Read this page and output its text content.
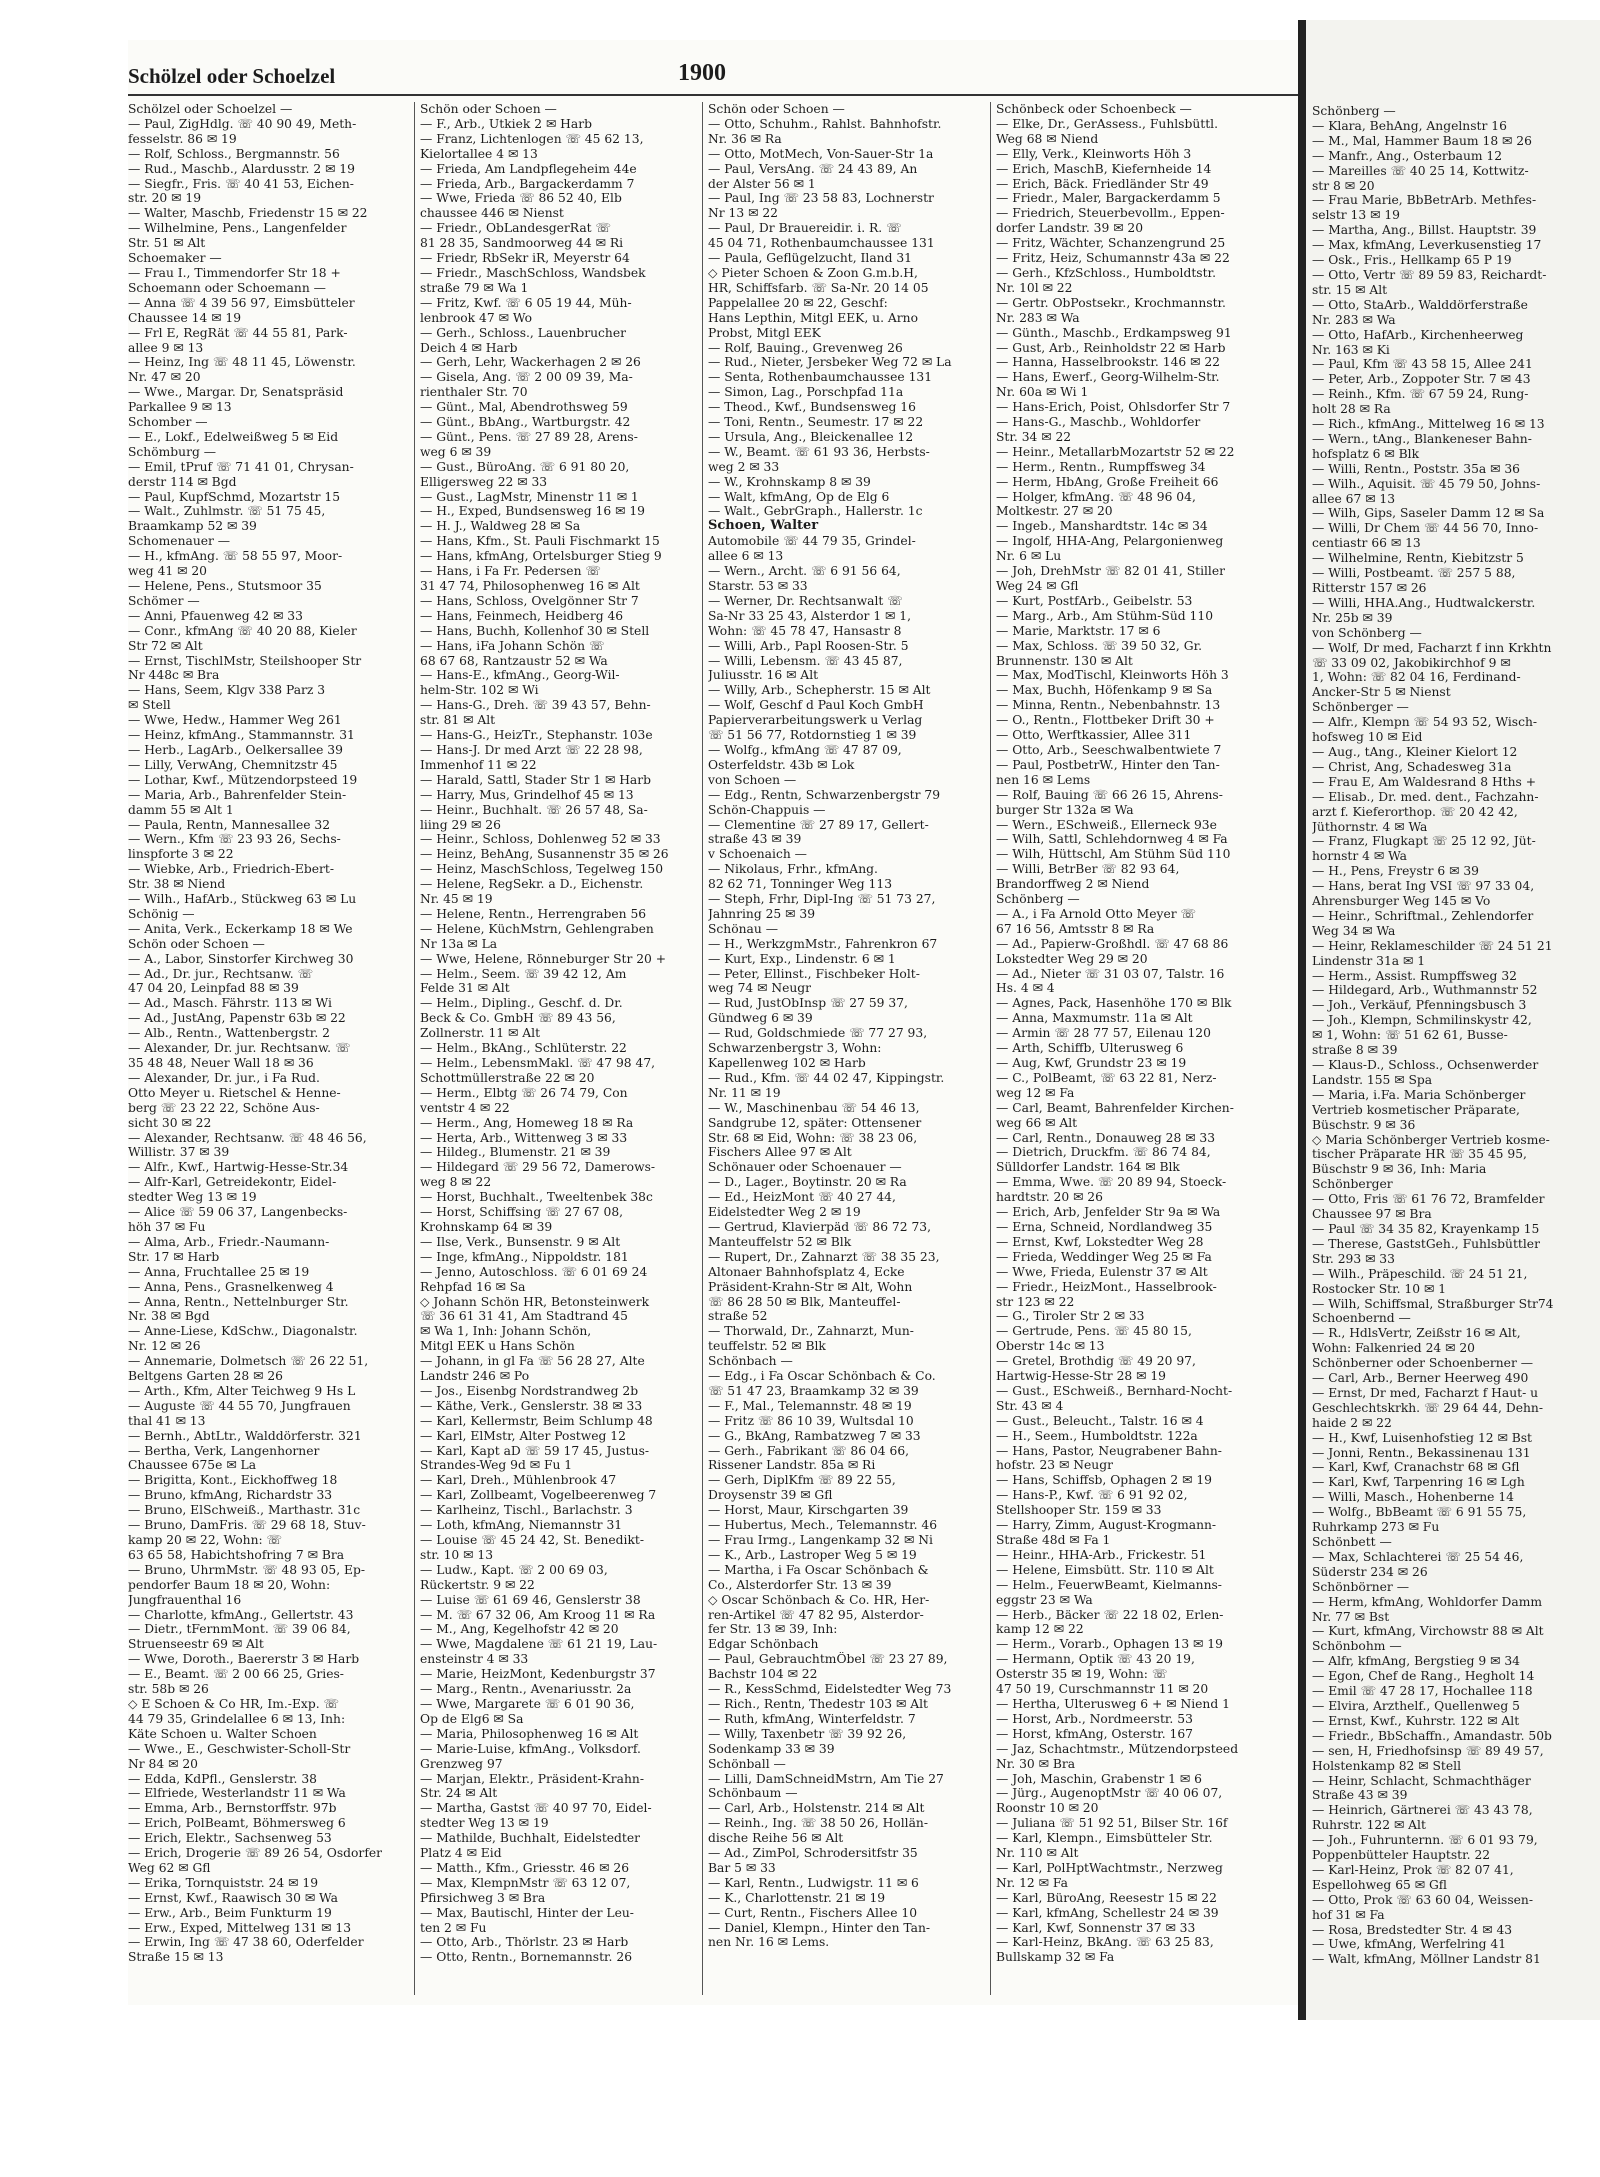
Schölzel oder Schoelzel	1900
Schölzel oder Schoelzel —
— Paul, ZigHdlg. ☏ 40 90 49, Meth-
fesselstr. 86 ✉ 19
— Rolf, Schloss., Bergmannstr. 56
— Rud., Maschb., Alardusstr. 2 ✉ 19
— Siegfr., Fris. ☏ 40 41 53, Eichen-
str. 20 ✉ 19
— Walter, Maschb, Friedenstr 15 ✉ 22
— Wilhelmine, Pens., Langenfelder
Str. 51 ✉ Alt
Schoemaker —
— Frau I., Timmendorfer Str 18 +
Schoemann oder Schoemann —
— Anna ☏ 4 39 56 97, Eimsbütteler
Chaussee 14 ✉ 19
— Frl E, RegRät ☏ 44 55 81, Park-
allee 9 ✉ 13
— Heinz, Ing ☏ 48 11 45, Löwenstr.
Nr. 47 ✉ 20
— Wwe., Margar. Dr, Senatspräsid
Parkallee 9 ✉ 13
Schomber —
— E., Lokf., Edelweißweg 5 ✉ Eid
Schömburg —
— Emil, tPruf ☏ 71 41 01, Chrysan-
derstr 114 ✉ Bgd
— Paul, KupfSchmd, Mozartstr 15
— Walt., Zuhlmstr. ☏ 51 75 45,
Braamkamp 52 ✉ 39
Schomenauer —
— H., kfmAng. ☏ 58 55 97, Moor-
weg 41 ✉ 20
— Helene, Pens., Stutsmoor 35
Schömer —
— Anni, Pfauenweg 42 ✉ 33
— Conr., kfmAng ☏ 40 20 88, Kieler
Str 72 ✉ Alt
— Ernst, TischlMstr, Steilshooper Str
Nr 448c ✉ Bra
— Hans, Seem, Klgv 338 Parz 3
✉ Stell
— Wwe, Hedw., Hammer Weg 261
— Heinz, kfmAng., Stammannstr. 31
— Herb., LagArb., Oelkersallee 39
— Lilly, VerwAng, Chemnitzstr 45
— Lothar, Kwf., Mützendorpsteed 19
— Maria, Arb., Bahrenfelder Stein-
damm 55 ✉ Alt 1
— Paula, Rentn, Mannesallee 32
— Wern., Kfm ☏ 23 93 26, Sechs-
linspforte 3 ✉ 22
— Wiebke, Arb., Friedrich-Ebert-
Str. 38 ✉ Niend
— Wilh., HafArb., Stückweg 63 ✉ Lu
Schönig —
— Anita, Verk., Eckerkamp 18 ✉ We
Schön oder Schoen —
— A., Labor, Sinstorfer Kirchweg 30
— Ad., Dr. jur., Rechtsanw. ☏
47 04 20, Leinpfad 88 ✉ 39
— Ad., Masch. Fährstr. 113 ✉ Wi
— Ad., JustAng, Papenstr 63b ✉ 22
— Alb., Rentn., Wattenbergstr. 2
— Alexander, Dr. jur. Rechtsanw. ☏
35 48 48, Neuer Wall 18 ✉ 36
— Alexander, Dr. jur., i Fa Rud.
Otto Meyer u. Rietschel & Henne-
berg ☏ 23 22 22, Schöne Aus-
sicht 30 ✉ 22
— Alexander, Rechtsanw. ☏ 48 46 56,
Willistr. 37 ✉ 39
— Alfr., Kwf., Hartwig-Hesse-Str.34
— Alfr-Karl, Getreidekontr, Eidel-
stedter Weg 13 ✉ 19
— Alice ☏ 59 06 37, Langenbecks-
höh 37 ✉ Fu
— Alma, Arb., Friedr.-Naumann-
Str. 17 ✉ Harb
— Anna, Fruchtallee 25 ✉ 19
— Anna, Pens., Grasnelkenweg 4
— Anna, Rentn., Nettelnburger Str.
Nr. 38 ✉ Bgd
— Anne-Liese, KdSchw., Diagonalstr.
Nr. 12 ✉ 26
— Annemarie, Dolmetsch ☏ 26 22 51,
Beltgens Garten 28 ✉ 26
— Arth., Kfm, Alter Teichweg 9 Hs L
— Auguste ☏ 44 55 70, Jungfrauen
thal 41 ✉ 13
— Bernh., AbtLtr., Walddörferstr. 321
— Bertha, Verk, Langenhorner
Chaussee 675e ✉ La
— Brigitta, Kont., Eickhoffweg 18
— Bruno, kfmAng, Richardstr 33
— Bruno, ElSchweiß., Marthastr. 31c
— Bruno, DamFris. ☏ 29 68 18, Stuv-
kamp 20 ✉ 22, Wohn: ☏
63 65 58, Habichtshofring 7 ✉ Bra
— Bruno, UhrmMstr. ☏ 48 93 05, Ep-
pendorfer Baum 18 ✉ 20, Wohn:
Jungfrauenthal 16
— Charlotte, kfmAng., Gellertstr. 43
— Dietr., tFernmMont. ☏ 39 06 84,
Struenseestr 69 ✉ Alt
— Wwe, Doroth., Baererstr 3 ✉ Harb
— E., Beamt. ☏ 2 00 66 25, Gries-
str. 58b ✉ 26
◇ E Schoen & Co HR, Im.-Exp. ☏
44 79 35, Grindelallee 6 ✉ 13, Inh:
Käte Schoen u. Walter Schoen
— Wwe., E., Geschwister-Scholl-Str
Nr 84 ✉ 20
— Edda, KdPfl., Genslerstr. 38
— Elfriede, Westerlandstr 11 ✉ Wa
— Emma, Arb., Bernstorffstr. 97b
— Erich, PolBeamt, Böhmersweg 6
— Erich, Elektr., Sachsenweg 53
— Erich, Drogerie ☏ 89 26 54, Osdorfer
Weg 62 ✉ Gfl
— Erika, Tornquiststr. 24 ✉ 19
— Ernst, Kwf., Raawisch 30 ✉ Wa
— Erw., Arb., Beim Funkturm 19
— Erw., Exped, Mittelweg 131 ✉ 13
— Erwin, Ing ☏ 47 38 60, Oderfelder
Straße 15 ✉ 13
Schön oder Schoen —
— F., Arb., Utkiek 2 ✉ Harb
— Franz, Lichtenlogen ☏ 45 62 13,
Kielortallee 4 ✉ 13
— Frieda, Am Landpflegeheim 44e
— Frieda, Arb., Bargackerdamm 7
— Wwe, Frieda ☏ 86 52 40, Elb
chaussee 446 ✉ Nienst
— Friedr., ObLandesgerRat ☏
81 28 35, Sandmoorweg 44 ✉ Ri
— Friedr, RbSekr iR, Meyerstr 64
— Friedr., MaschSchloss, Wandsbek
straße 79 ✉ Wa 1
— Fritz, Kwf. ☏ 6 05 19 44, Müh-
lenbrook 47 ✉ Wo
— Gerh., Schloss., Lauenbrucher
Deich 4 ✉ Harb
— Gerh, Lehr, Wackerhagen 2 ✉ 26
— Gisela, Ang. ☏ 2 00 09 39, Ma-
rienthaler Str. 70
— Günt., Mal, Abendrothsweg 59
— Günt., BbAng., Wartburgstr. 42
— Günt., Pens. ☏ 27 89 28, Arens-
weg 6 ✉ 39
— Gust., BüroAng. ☏ 6 91 80 20,
Elligersweg 22 ✉ 33
— Gust., LagMstr, Minenstr 11 ✉ 1
— H., Exped, Bundsensweg 16 ✉ 19
— H. J., Waldweg 28 ✉ Sa
— Hans, Kfm., St. Pauli Fischmarkt 15
— Hans, kfmAng, Ortelsburger Stieg 9
— Hans, i Fa Fr. Pedersen ☏
31 47 74, Philosophenweg 16 ✉ Alt
— Hans, Schloss, Ovelgönner Str 7
— Hans, Feinmech, Heidberg 46
— Hans, Buchh, Kollenhof 30 ✉ Stell
— Hans, iFa Johann Schön ☏
68 67 68, Rantzaustr 52 ✉ Wa
— Hans-E., kfmAng., Georg-Wil-
helm-Str. 102 ✉ Wi
— Hans-G., Dreh. ☏ 39 43 57, Behn-
str. 81 ✉ Alt
— Hans-G., HeizTr., Stephanstr. 103e
— Hans-J. Dr med Arzt ☏ 22 28 98,
Immenhof 11 ✉ 22
— Harald, Sattl, Stader Str 1 ✉ Harb
— Harry, Mus, Grindelhof 45 ✉ 13
— Heinr., Buchhalt. ☏ 26 57 48, Sa-
liing 29 ✉ 26
— Heinr., Schloss, Dohlenweg 52 ✉ 33
— Heinz, BehAng, Susannenstr 35 ✉ 26
— Heinz, MaschSchloss, Tegelweg 150
— Helene, RegSekr. a D., Eichenstr.
Nr. 45 ✉ 19
— Helene, Rentn., Herrengraben 56
— Helene, KüchMstrn, Gehlengraben
Nr 13a ✉ La
— Wwe, Helene, Rönneburger Str 20 +
— Helm., Seem. ☏ 39 42 12, Am
Felde 31 ✉ Alt
— Helm., Dipling., Geschf. d. Dr.
Beck & Co. GmbH ☏ 89 43 56,
Zollnerstr. 11 ✉ Alt
— Helm., BkAng., Schlüterstr. 22
— Helm., LebensmMakl. ☏ 47 98 47,
Schottmüllerstraße 22 ✉ 20
— Herm., Elbtg ☏ 26 74 79, Con
ventstr 4 ✉ 22
— Herm., Ang, Homeweg 18 ✉ Ra
— Herta, Arb., Wittenweg 3 ✉ 33
— Hildeg., Blumenstr. 21 ✉ 39
— Hildegard ☏ 29 56 72, Damerows-
weg 8 ✉ 22
— Horst, Buchhalt., Tweeltenbek 38c
— Horst, Schiffsing ☏ 27 67 08,
Krohnskamp 64 ✉ 39
— Ilse, Verk., Bunsenstr. 9 ✉ Alt
— Inge, kfmAng., Nippoldstr. 181
— Jenno, Autoschloss. ☏ 6 01 69 24
Rehpfad 16 ✉ Sa
◇ Johann Schön HR, Betonsteinwerk
☏ 36 61 31 41, Am Stadtrand 45
✉ Wa 1, Inh: Johann Schön,
Mitgl EEK u Hans Schön
— Johann, in gl Fa ☏ 56 28 27, Alte
Landstr 246 ✉ Po
— Jos., Eisenbg Nordstrandweg 2b
— Käthe, Verk., Genslerstr. 38 ✉ 33
— Karl, Kellermstr, Beim Schlump 48
— Karl, ElMstr, Alter Postweg 12
— Karl, Kapt aD ☏ 59 17 45, Justus-
Strandes-Weg 9d ✉ Fu 1
— Karl, Dreh., Mühlenbrook 47
— Karl, Zollbeamt, Vogelbeerenweg 7
— Karlheinz, Tischl., Barlachstr. 3
— Loth, kfmAng, Niemannstr 31
— Louise ☏ 45 24 42, St. Benedikt-
str. 10 ✉ 13
— Ludw., Kapt. ☏ 2 00 69 03,
Rückertstr. 9 ✉ 22
— Luise ☏ 61 69 46, Genslerstr 38
— M. ☏ 67 32 06, Am Kroog 11 ✉ Ra
— M., Ang, Kegelhofstr 42 ✉ 20
— Wwe, Magdalene ☏ 61 21 19, Lau-
ensteinstr 4 ✉ 33
— Marie, HeizMont, Kedenburgstr 37
— Marg., Rentn., Avenariusstr. 2a
— Wwe, Margarete ☏ 6 01 90 36,
Op de Elg6 ✉ Sa
— Maria, Philosophenweg 16 ✉ Alt
— Marie-Luise, kfmAng., Volksdorf.
Grenzweg 97
— Marjan, Elektr., Präsident-Krahn-
Str. 24 ✉ Alt
— Martha, Gastst ☏ 40 97 70, Eidel-
stedter Weg 13 ✉ 19
— Mathilde, Buchhalt, Eidelstedter
Platz 4 ✉ Eid
— Matth., Kfm., Griesstr. 46 ✉ 26
— Max, KlempnMstr ☏ 63 12 07,
Pfirsichweg 3 ✉ Bra
— Max, Bautischl, Hinter der Leu-
ten 2 ✉ Fu
— Otto, Arb., Thörlstr. 23 ✉ Harb
— Otto, Rentn., Bornemannstr. 26
Schön oder Schoen —
— Otto, Schuhm., Rahlst. Bahnhofstr.
Nr. 36 ✉ Ra
— Otto, MotMech, Von-Sauer-Str 1a
— Paul, VersAng. ☏ 24 43 89, An
der Alster 56 ✉ 1
— Paul, Ing ☏ 23 58 83, Lochnerstr
Nr 13 ✉ 22
— Paul, Dr Brauereidir. i. R. ☏
45 04 71, Rothenbaumchaussee 131
— Paula, Geflügelzucht, Iland 31
◇ Pieter Schoen & Zoon G.m.b.H,
HR, Schiffsfarb. ☏ Sa-Nr. 20 14 05
Pappelallee 20 ✉ 22, Geschf:
Hans Lepthin, Mitgl EEK, u. Arno
Probst, Mitgl EEK
— Rolf, Bauing., Grevenweg 26
— Rud., Nieter, Jersbeker Weg 72 ✉ La
— Senta, Rothenbaumchaussee 131
— Simon, Lag., Porschpfad 11a
— Theod., Kwf., Bundsensweg 16
— Toni, Rentn., Seumestr. 17 ✉ 22
— Ursula, Ang., Bleickenallee 12
— W., Beamt. ☏ 61 93 36, Herbsts-
weg 2 ✉ 33
— W., Krohnskamp 8 ✉ 39
— Walt, kfmAng, Op de Elg 6
— Walt., GebrGraph., Hallerstr. 1c
Schoen, Walter
Automobile ☏ 44 79 35, Grindel-
allee 6 ✉ 13
— Wern., Archt. ☏ 6 91 56 64,
Starstr. 53 ✉ 33
— Werner, Dr. Rechtsanwalt ☏
Sa-Nr 33 25 43, Alsterdor 1 ✉ 1,
Wohn: ☏ 45 78 47, Hansastr 8
— Willi, Arb., Papl Roosen-Str. 5
— Willi, Lebensm. ☏ 43 45 87,
Juliusstr. 16 ✉ Alt
— Willy, Arb., Schepherstr. 15 ✉ Alt
— Wolf, Geschf d Paul Koch GmbH
Papierverarbeitungswerk u Verlag
☏ 51 56 77, Rotdornstieg 1 ✉ 39
— Wolfg., kfmAng ☏ 47 87 09,
Osterfeldstr. 43b ✉ Lok
von Schoen —
— Edg., Rentn, Schwarzenbergstr 79
Schön-Chappuis —
— Clementine ☏ 27 89 17, Gellert-
straße 43 ✉ 39
v Schoenaich —
— Nikolaus, Frhr., kfmAng.
82 62 71, Tonninger Weg 113
— Steph, Frhr, Dipl-Ing ☏ 51 73 27,
Jahnring 25 ✉ 39
Schönau —
— H., WerkzgmMstr., Fahrenkron 67
— Kurt, Exp., Lindenstr. 6 ✉ 1
— Peter, Ellinst., Fischbeker Holt-
weg 74 ✉ Neugr
— Rud, JustObInsp ☏ 27 59 37,
Gündweg 6 ✉ 39
— Rud, Goldschmiede ☏ 77 27 93,
Schwarzenbergstr 3, Wohn:
Kapellenweg 102 ✉ Harb
— Rud., Kfm. ☏ 44 02 47, Kippingstr.
Nr. 11 ✉ 19
— W., Maschinenbau ☏ 54 46 13,
Sandgrube 12, später: Ottensener
Str. 68 ✉ Eid, Wohn: ☏ 38 23 06,
Fischers Allee 97 ✉ Alt
Schönauer oder Schoenauer —
— D., Lager., Boytinstr. 20 ✉ Ra
— Ed., HeizMont ☏ 40 27 44,
Eidelstedter Weg 2 ✉ 19
— Gertrud, Klavierpäd ☏ 86 72 73,
Manteuffelstr 52 ✉ Blk
— Rupert, Dr., Zahnarzt ☏ 38 35 23,
Altonaer Bahnhofsplatz 4, Ecke
Präsident-Krahn-Str ✉ Alt, Wohn
☏ 86 28 50 ✉ Blk, Manteuffel-
straße 52
— Thorwald, Dr., Zahnarzt, Mun-
teuffelstr. 52 ✉ Blk
Schönbach —
— Edg., i Fa Oscar Schönbach & Co.
☏ 51 47 23, Braamkamp 32 ✉ 39
— F., Mal., Telemannstr. 48 ✉ 19
— Fritz ☏ 86 10 39, Wultsdal 10
— G., BkAng, Rambatzweg 7 ✉ 33
— Gerh., Fabrikant ☏ 86 04 66,
Rissener Landstr. 85a ✉ Ri
— Gerh, DiplKfm ☏ 89 22 55,
Droysenstr 39 ✉ Gfl
— Horst, Maur, Kirschgarten 39
— Hubertus, Mech., Telemannstr. 46
— Frau Irmg., Langenkamp 32 ✉ Ni
— K., Arb., Lastroper Weg 5 ✉ 19
— Martha, i Fa Oscar Schönbach &
Co., Alsterdorfer Str. 13 ✉ 39
◇ Oscar Schönbach & Co. HR, Her-
ren-Artikel ☏ 47 82 95, Alsterdor-
fer Str. 13 ✉ 39, Inh:
Edgar Schönbach
— Paul, GebrauchtmÖbel ☏ 23 27 89,
Bachstr 104 ✉ 22
— R., KessSchmd, Eidelstedter Weg 73
— Rich., Rentn, Thedestr 103 ✉ Alt
— Ruth, kfmAng, Winterfeldstr. 7
— Willy, Taxenbetr ☏ 39 92 26,
Sodenkamp 33 ✉ 39
Schönball —
— Lilli, DamSchneidMstrn, Am Tie 27
Schönbaum —
— Carl, Arb., Holstenstr. 214 ✉ Alt
— Reinh., Ing. ☏ 38 50 26, Hollän-
dische Reihe 56 ✉ Alt
— Ad., ZimPol, Schrodersitfstr 35
Bar 5 ✉ 33
— Karl, Rentn., Ludwigstr. 11 ✉ 6
— K., Charlottenstr. 21 ✉ 19
— Curt, Rentn., Fischers Allee 10
— Daniel, Klempn., Hinter den Tan-
nen Nr. 16 ✉ Lems.
Schönbeck oder Schoenbeck —
— Elke, Dr., GerAssess., Fuhlsbüttl.
Weg 68 ✉ Niend
— Elly, Verk., Kleinworts Höh 3
— Erich, MaschB, Kiefernheide 14
— Erich, Bäck. Friedländer Str 49
— Friedr., Maler, Bargackerdamm 5
— Friedrich, Steuerbevollm., Eppen-
dorfer Landstr. 39 ✉ 20
— Fritz, Wächter, Schanzengrund 25
— Fritz, Heiz, Schumannstr 43a ✉ 22
— Gerh., KfzSchloss., Humboldtstr.
Nr. 10l ✉ 22
— Gertr. ObPostsekr., Krochmannstr.
Nr. 283 ✉ Wa
— Günth., Maschb., Erdkampsweg 91
— Gust, Arb., Reinholdstr 22 ✉ Harb
— Hanna, Hasselbrookstr. 146 ✉ 22
— Hans, Ewerf., Georg-Wilhelm-Str.
Nr. 60a ✉ Wi 1
— Hans-Erich, Poist, Ohlsdorfer Str 7
— Hans-G., Maschb., Wohldorfer
Str. 34 ✉ 22
— Heinr., MetallarbMozartstr 52 ✉ 22
— Herm., Rentn., Rumpffsweg 34
— Herm, HbAng, Große Freiheit 66
— Holger, kfmAng. ☏ 48 96 04,
Moltkestr. 27 ✉ 20
— Ingeb., Manshardtstr. 14c ✉ 34
— Ingolf, HHA-Ang, Pelargonienweg
Nr. 6 ✉ Lu
— Joh, DrehMstr ☏ 82 01 41, Stiller
Weg 24 ✉ Gfl
— Kurt, PostfArb., Geibelstr. 53
— Marg., Arb., Am Stühm-Süd 110
— Marie, Marktstr. 17 ✉ 6
— Max, Schloss. ☏ 39 50 32, Gr.
Brunnenstr. 130 ✉ Alt
— Max, ModTischl, Kleinworts Höh 3
— Max, Buchh, Höfenkamp 9 ✉ Sa
— Minna, Rentn., Nebenbahnstr. 13
— O., Rentn., Flottbeker Drift 30 +
— Otto, Werftkassier, Allee 311
— Otto, Arb., Seeschwalbentwiete 7
— Paul, PostbetrW., Hinter den Tan-
nen 16 ✉ Lems
— Rolf, Bauing ☏ 66 26 15, Ahrens-
burger Str 132a ✉ Wa
— Wern., ESchweiß., Ellerneck 93e
— Wilh, Sattl, Schlehdornweg 4 ✉ Fa
— Wilh, Hüttschl, Am Stühm Süd 110
— Willi, BetrBer ☏ 82 93 64,
Brandorffweg 2 ✉ Niend
Schönberg —
— A., i Fa Arnold Otto Meyer ☏
67 16 56, Amtsstr 8 ✉ Ra
— Ad., Papierw-Großhdl. ☏ 47 68 86
Lokstedter Weg 29 ✉ 20
— Ad., Nieter ☏ 31 03 07, Talstr. 16
Hs. 4 ✉ 4
— Agnes, Pack, Hasenhöhe 170 ✉ Blk
— Anna, Maxmumstr. 11a ✉ Alt
— Armin ☏ 28 77 57, Eilenau 120
— Arth, Schiffb, Ulterusweg 6
— Aug, Kwf, Grundstr 23 ✉ 19
— C., PolBeamt, ☏ 63 22 81, Nerz-
weg 12 ✉ Fa
— Carl, Beamt, Bahrenfelder Kirchen-
weg 66 ✉ Alt
— Carl, Rentn., Donauweg 28 ✉ 33
— Dietrich, Druckfm. ☏ 86 74 84,
Sülldorfer Landstr. 164 ✉ Blk
— Emma, Wwe. ☏ 20 89 94, Stoeck-
hardtstr. 20 ✉ 26
— Erich, Arb, Jenfelder Str 9a ✉ Wa
— Erna, Schneid, Nordlandweg 35
— Ernst, Kwf, Lokstedter Weg 28
— Frieda, Weddinger Weg 25 ✉ Fa
— Wwe, Frieda, Eulenstr 37 ✉ Alt
— Friedr., HeizMont., Hasselbrook-
str 123 ✉ 22
— G., Tiroler Str 2 ✉ 33
— Gertrude, Pens. ☏ 45 80 15,
Oberstr 14c ✉ 13
— Gretel, Brothdig ☏ 49 20 97,
Hartwig-Hesse-Str 28 ✉ 19
— Gust., ESchweiß., Bernhard-Nocht-
Str. 43 ✉ 4
— Gust., Beleucht., Talstr. 16 ✉ 4
— H., Seem., Humboldtstr. 122a
— Hans, Pastor, Neugrabener Bahn-
hofstr. 23 ✉ Neugr
— Hans, Schiffsb, Ophagen 2 ✉ 19
— Hans-P., Kwf. ☏ 6 91 92 02,
Stellshooper Str. 159 ✉ 33
— Harry, Zimm, August-Krogmann-
Straße 48d ✉ Fa 1
— Heinr., HHA-Arb., Frickestr. 51
— Helene, Eimsbütt. Str. 110 ✉ Alt
— Helm., FeuerwBeamt, Kielmanns-
eggstr 23 ✉ Wa
— Herb., Bäcker ☏ 22 18 02, Erlen-
kamp 12 ✉ 22
— Herm., Vorarb., Ophagen 13 ✉ 19
— Hermann, Optik ☏ 43 20 19,
Osterstr 35 ✉ 19, Wohn: ☏
47 50 19, Curschmannstr 11 ✉ 20
— Hertha, Ulterusweg 6 + ✉ Niend 1
— Horst, Arb., Nordmeerstr. 53
— Horst, kfmAng, Osterstr. 167
— Jaz, Schachtmstr., Mützendorpsteed
Nr. 30 ✉ Bra
— Joh, Maschin, Grabenstr 1 ✉ 6
— Jürg., AugenoptMstr ☏ 40 06 07,
Roonstr 10 ✉ 20
— Juliana ☏ 51 92 51, Bilser Str. 16f
— Karl, Klempn., Eimsbütteler Str.
Nr. 110 ✉ Alt
— Karl, PolHptWachtmstr., Nerzweg
Nr. 12 ✉ Fa
— Karl, BüroAng, Reesestr 15 ✉ 22
— Karl, kfmAng, Schellestr 24 ✉ 39
— Karl, Kwf, Sonnenstr 37 ✉ 33
— Karl-Heinz, BkAng. ☏ 63 25 83,
Bullskamp 32 ✉ Fa
Schönberg —
— Klara, BehAng, Angelnstr 16
— M., Mal, Hammer Baum 18 ✉ 26
— Manfr., Ang., Osterbaum 12
— Mareilles ☏ 40 25 14, Kottwitz-
str 8 ✉ 20
— Frau Marie, BbBetrArb. Methfes-
selstr 13 ✉ 19
— Martha, Ang., Billst. Hauptstr. 39
— Max, kfmAng, Leverkusenstieg 17
— Osk., Fris., Hellkamp 65 P 19
— Otto, Vertr ☏ 89 59 83, Reichardt-
str. 15 ✉ Alt
— Otto, StaArb., Walddörferstraße
Nr. 283 ✉ Wa
— Otto, HafArb., Kirchenheerweg
Nr. 163 ✉ Ki
— Paul, Kfm ☏ 43 58 15, Allee 241
— Peter, Arb., Zoppoter Str. 7 ✉ 43
— Reinh., Kfm. ☏ 67 59 24, Rung-
holt 28 ✉ Ra
— Rich., kfmAng., Mittelweg 16 ✉ 13
— Wern., tAng., Blankeneser Bahn-
hofsplatz 6 ✉ Blk
— Willi, Rentn., Poststr. 35a ✉ 36
— Wilh., Aquisit. ☏ 45 79 50, Johns-
allee 67 ✉ 13
— Wilh, Gips, Saseler Damm 12 ✉ Sa
— Willi, Dr Chem ☏ 44 56 70, Inno-
centiastr 66 ✉ 13
— Wilhelmine, Rentn, Kiebitzstr 5
— Willi, Postbeamt. ☏ 257 5 88,
Ritterstr 157 ✉ 26
— Willi, HHA.Ang., Hudtwalckerstr.
Nr. 25b ✉ 39
von Schönberg —
— Wolf, Dr med, Facharzt f inn Krkhtn
☏ 33 09 02, Jakobikirchhof 9 ✉
1, Wohn: ☏ 82 04 16, Ferdinand-
Ancker-Str 5 ✉ Nienst
Schönberger —
— Alfr., Klempn ☏ 54 93 52, Wisch-
hofsweg 10 ✉ Eid
— Aug., tAng., Kleiner Kielort 12
— Christ, Ang, Schadesweg 31a
— Frau E, Am Waldesrand 8 Hths +
— Elisab., Dr. med. dent., Fachzahn-
arzt f. Kieferorthop. ☏ 20 42 42,
Jüthornstr. 4 ✉ Wa
— Franz, Flugkapt ☏ 25 12 92, Jüt-
hornstr 4 ✉ Wa
— H., Pens, Freystr 6 ✉ 39
— Hans, berat Ing VSI ☏ 97 33 04,
Ahrensburger Weg 145 ✉ Vo
— Heinr., Schriftmal., Zehlendorfer
Weg 34 ✉ Wa
— Heinr, Reklameschilder ☏ 24 51 21
Lindenstr 31a ✉ 1
— Herm., Assist. Rumpffsweg 32
— Hildegard, Arb., Wuthmannstr 52
— Joh., Verkäuf, Pfenningsbusch 3
— Joh., Klempn, Schmilinskystr 42,
✉ 1, Wohn: ☏ 51 62 61, Busse-
straße 8 ✉ 39
— Klaus-D., Schloss., Ochsenwerder
Landstr. 155 ✉ Spa
— Maria, i.Fa. Maria Schönberger
Vertrieb kosmetischer Präparate,
Büschstr. 9 ✉ 36
◇ Maria Schönberger Vertrieb kosme-
tischer Präparate HR ☏ 35 45 95,
Büschstr 9 ✉ 36, Inh: Maria
Schönberger
— Otto, Fris ☏ 61 76 72, Bramfelder
Chaussee 97 ✉ Bra
— Paul ☏ 34 35 82, Krayenkamp 15
— Therese, GaststGeh., Fuhlsbüttler
Str. 293 ✉ 33
— Wilh., Präpeschild. ☏ 24 51 21,
Rostocker Str. 10 ✉ 1
— Wilh, Schiffsmal, Straßburger Str74
Schoenbernd —
— R., HdlsVertr, Zeißstr 16 ✉ Alt,
Wohn: Falkenried 24 ✉ 20
Schönberner oder Schoenberner —
— Carl, Arb., Berner Heerweg 490
— Ernst, Dr med, Facharzt f Haut- u
Geschlechtskrkh. ☏ 29 64 44, Dehn-
haide 2 ✉ 22
— H., Kwf, Luisenhofstieg 12 ✉ Bst
— Jonni, Rentn., Bekassinenau 131
— Karl, Kwf, Cranachstr 68 ✉ Gfl
— Karl, Kwf, Tarpenring 16 ✉ Lgh
— Willi, Masch., Hohenberne 14
— Wolfg., BbBeamt ☏ 6 91 55 75,
Ruhrkamp 273 ✉ Fu
Schönbett —
— Max, Schlachterei ☏ 25 54 46,
Süderstr 234 ✉ 26
Schönbörner —
— Herm, kfmAng, Wohldorfer Damm
Nr. 77 ✉ Bst
— Kurt, kfmAng, Virchowstr 88 ✉ Alt
Schönbohm —
— Alfr, kfmAng, Bergstieg 9 ✉ 34
— Egon, Chef de Rang., Hegholt 14
— Emil ☏ 47 28 17, Hochallee 118
— Elvira, Arzthelf., Quellenweg 5
— Ernst, Kwf., Kuhrstr. 122 ✉ Alt
— Friedr., BbSchaffn., Amandastr. 50b
— sen, H, Friedhofsinsp ☏ 89 49 57,
Holstenkamp 82 ✉ Stell
— Heinr, Schlacht, Schmachthäger
Straße 43 ✉ 39
— Heinrich, Gärtnerei ☏ 43 43 78,
Ruhrstr. 122 ✉ Alt
— Joh., Fuhrunternn. ☏ 6 01 93 79,
Poppenbütteler Hauptstr. 22
— Karl-Heinz, Prok ☏ 82 07 41,
Espellohweg 65 ✉ Gfl
— Otto, Prok ☏ 63 60 04, Weissen-
hof 31 ✉ Fa
— Rosa, Bredstedter Str. 4 ✉ 43
— Uwe, kfmAng, Werfelring 41
— Walt, kfmAng, Möllner Landstr 81
